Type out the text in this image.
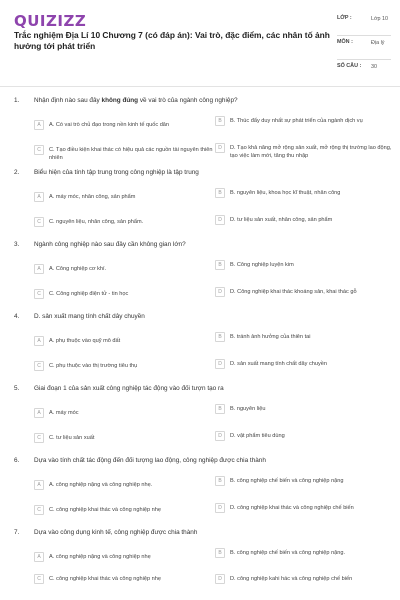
QUIZIZZ
Trắc nghiệm Địa Lí 10 Chương 7 (có đáp án): Vai trò, đặc điểm, các nhân tố ảnh hưởng tới phát triển
LỚP :	Lớp 10
MÔN :	Địa lý
SỐ CÂU : 30
1. Nhận định nào sau đây không đúng về vai trò của ngành công nghiệp?
A	A. Có vai trò chủ đạo trong nền kinh tế quốc dân
B	B. Thúc đẩy duy nhất sự phát triển của ngành dịch vụ
C	C. Tạo điều kiện khai thác có hiệu quả các nguồn tài nguyên thiên nhiên
D	D. Tạo khả năng mở rộng sản xuất, mở rộng thị trường lao động, tạo việc làm mới, tăng thu nhập
2. Biểu hiện của tính tập trung trong công nghiệp là tập trung
A	A. máy móc, nhân công, sản phẩm
B	B. nguyên liệu, khoa học kĩ thuật, nhân công
C	C. nguyên liệu, nhân công, sản phẩm.	D	D. tư liệu sản xuất, nhân công, sản phẩm
3. Ngành công nghiệp nào sau đây cần không gian lớn?
A	A. Công nghiệp cơ khí.
B	B. Công nghiệp luyện kim
C	C. Công nghiệp điện tử - tin học	D	D. Công nghiệp khai thác khoáng sản, khai thác gỗ
4. D. sản xuất mang tính chất dây chuyền
A	A. phụ thuộc vào quỹ mô đất
B	B. tránh ảnh hưởng của thiên tai
C	C. phụ thuộc vào thị trường tiêu thụ	D	D. sản xuất mang tính chất dây chuyền
5. Giai đoạn 1 của sản xuất công nghiệp tác động vào đối tượn tạo ra
A	A. máy móc
B	B. nguyên liệu
C	C. tư liệu sản xuất	D	D. vật phẩm tiêu dùng
6. Dựa vào tính chất tác động đến đối tượng lao động, công nghiệp được chia thành
A	A. công nghiệp nặng và công nghiệp nhẹ.
B	B. công nghiệp chế biến và công nghiệp nặng
C	C. công nghiệp khai thác và công nghiệp nhẹ	D	D. công nghiệp khai thác và công nghiệp chế biến
7. Dựa vào công dụng kinh tế, công nghiệp được chia thành
A	A. công nghiệp nặng và công nghiệp nhẹ
B	B. công nghiệp chế biến và công nghiệp nặng.
C	C. công nghiệp khai thác và công nghiệp nhẹ	D	D. công nghiệp kahi hác và công nghiệp chế biến
